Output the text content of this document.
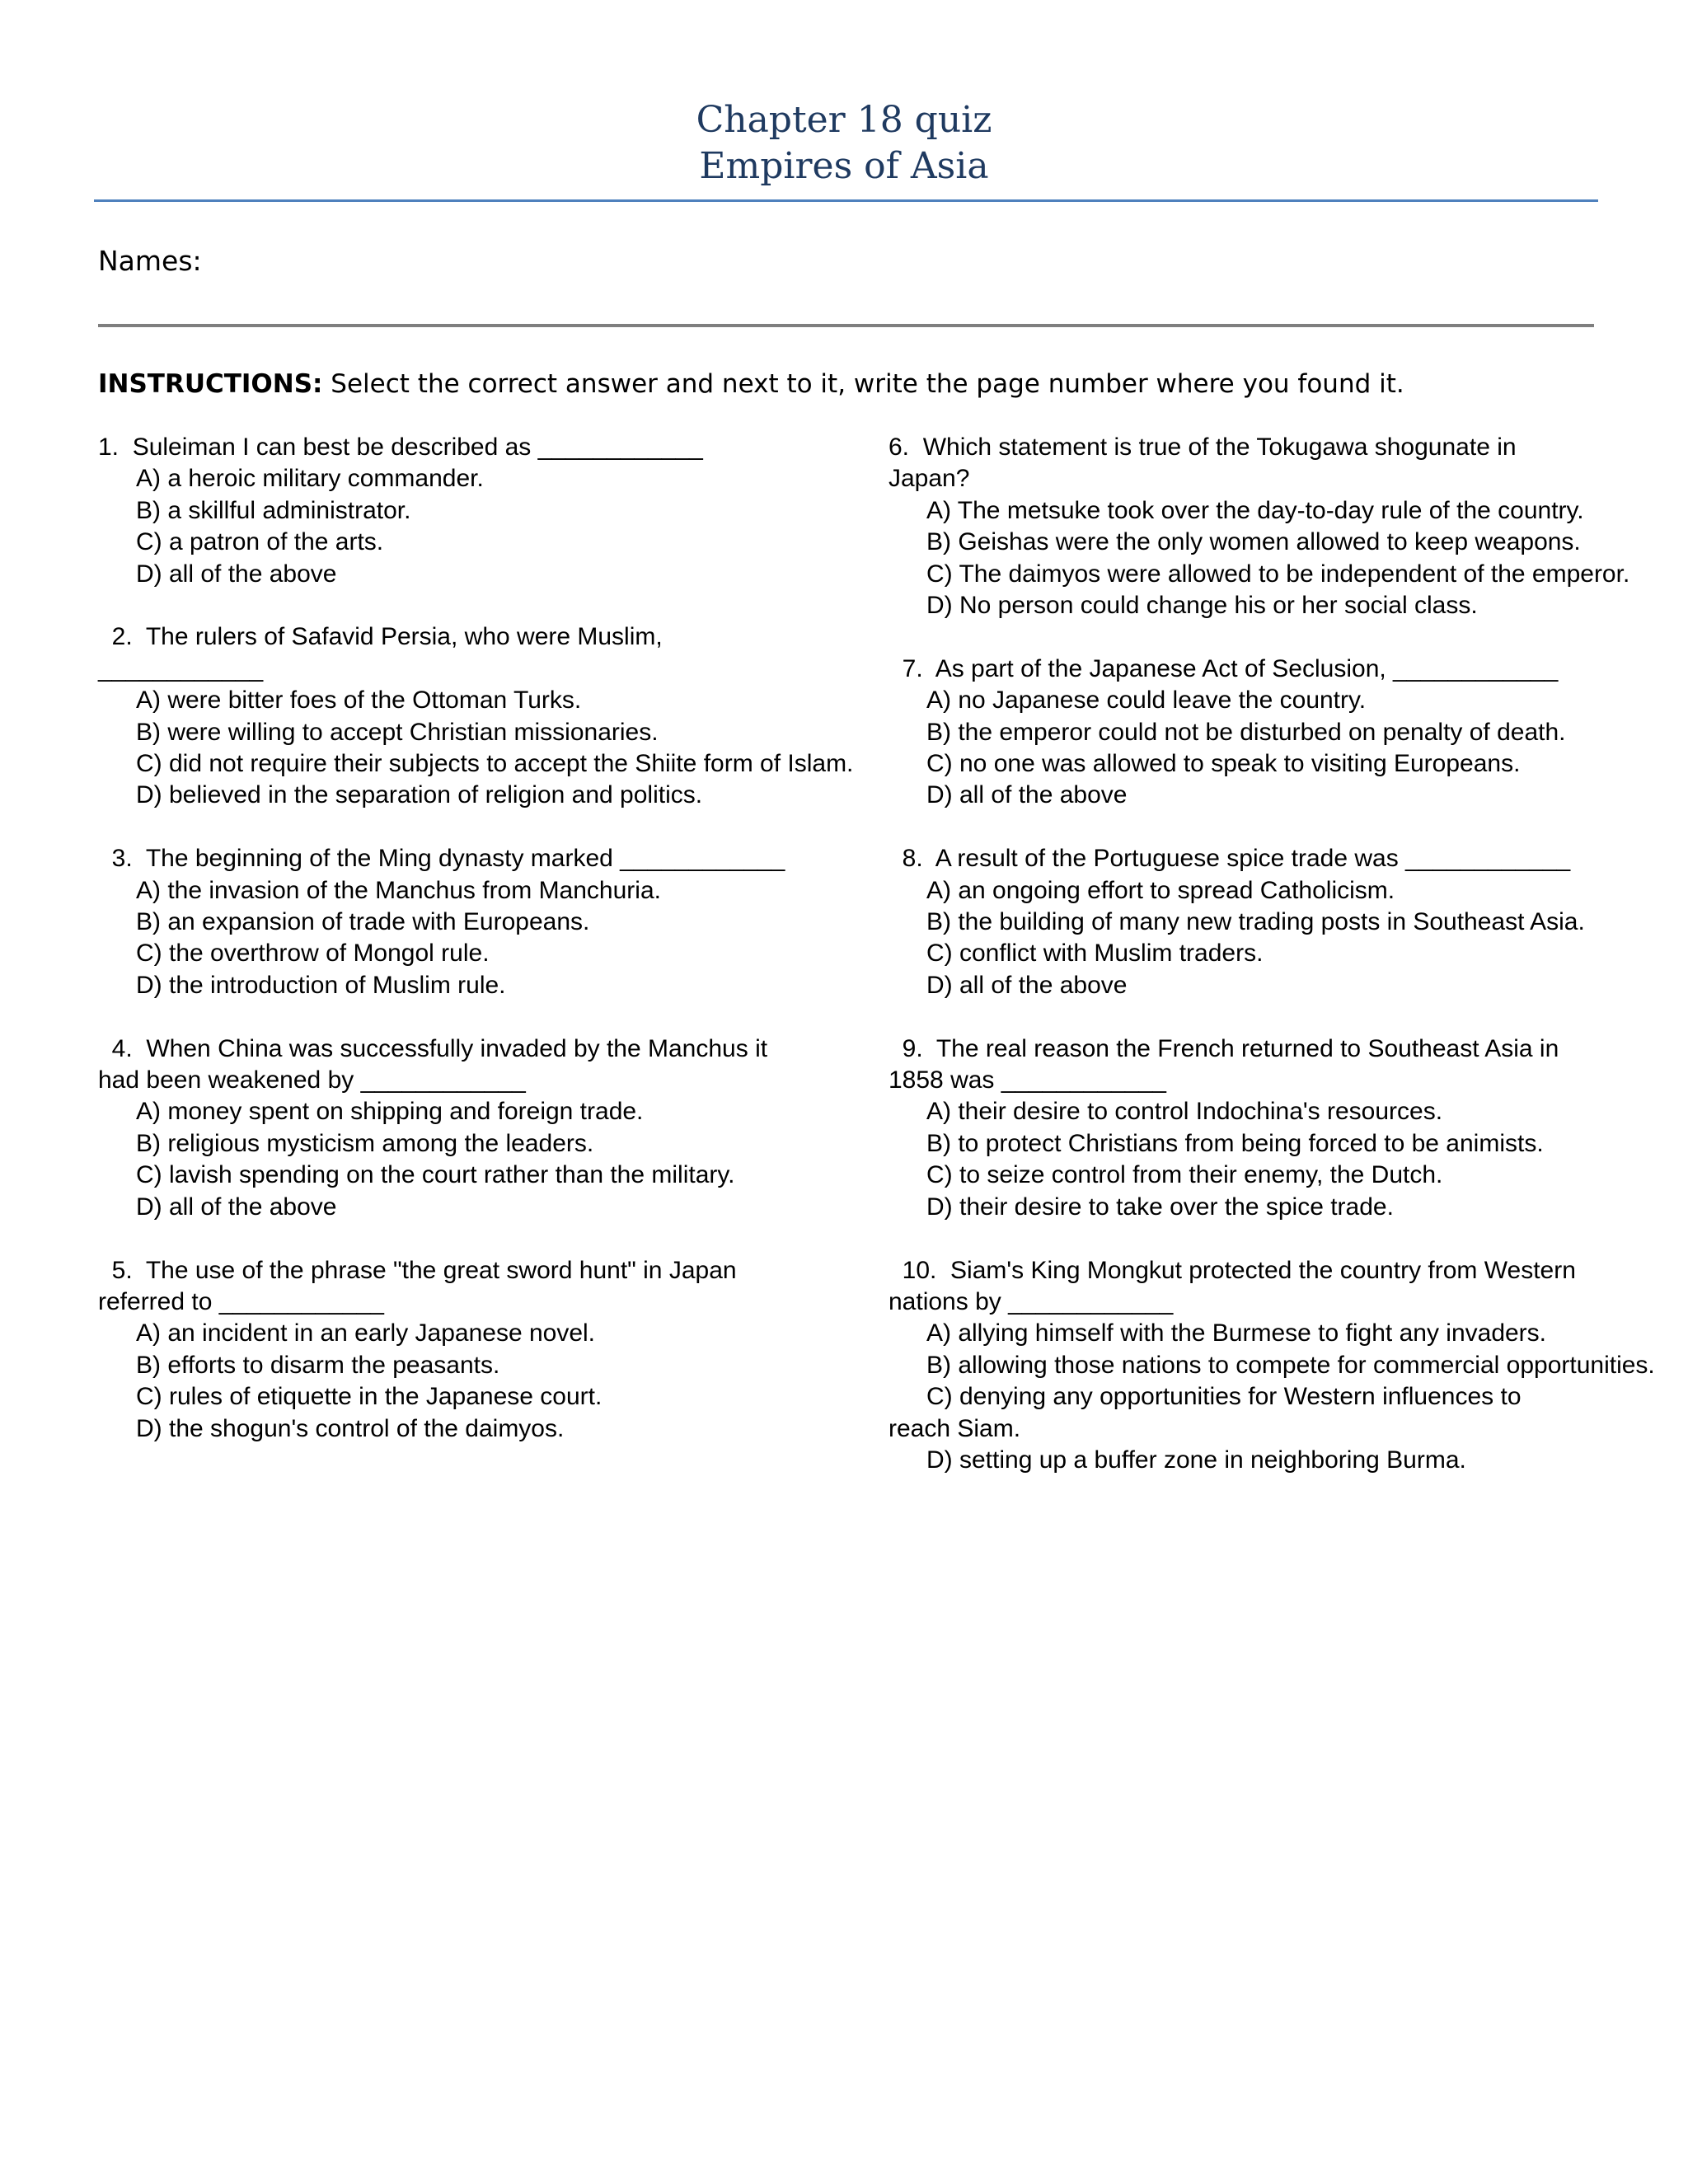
Chapter 18 quiz
Empires of Asia
Names:
INSTRUCTIONS: Select the correct answer and next to it, write the page number where you found it.
1.  Suleiman I can best be described as ____________
A) a heroic military commander.
B) a skillful administrator.
C) a patron of the arts.
D) all of the above
2.  The rulers of Safavid Persia, who were Muslim, ____________
A) were bitter foes of the Ottoman Turks.
B) were willing to accept Christian missionaries.
C) did not require their subjects to accept the Shiite form of Islam.
D) believed in the separation of religion and politics.
3.  The beginning of the Ming dynasty marked ____________
A) the invasion of the Manchus from Manchuria.
B) an expansion of trade with Europeans.
C) the overthrow of Mongol rule.
D) the introduction of Muslim rule.
4.  When China was successfully invaded by the Manchus it had been weakened by ____________
A) money spent on shipping and foreign trade.
B) religious mysticism among the leaders.
C) lavish spending on the court rather than the military.
D) all of the above
5.  The use of the phrase "the great sword hunt" in Japan referred to ____________
A) an incident in an early Japanese novel.
B) efforts to disarm the peasants.
C) rules of etiquette in the Japanese court.
D) the shogun's control of the daimyos.
6.  Which statement is true of the Tokugawa shogunate in Japan?
A) The metsuke took over the day-to-day rule of the country.
B) Geishas were the only women allowed to keep weapons.
C) The daimyos were allowed to be independent of the emperor.
D) No person could change his or her social class.
7.  As part of the Japanese Act of Seclusion, ____________
A) no Japanese could leave the country.
B) the emperor could not be disturbed on penalty of death.
C) no one was allowed to speak to visiting Europeans.
D) all of the above
8.  A result of the Portuguese spice trade was ____________
A) an ongoing effort to spread Catholicism.
B) the building of many new trading posts in Southeast Asia.
C) conflict with Muslim traders.
D) all of the above
9.  The real reason the French returned to Southeast Asia in 1858 was ____________
A) their desire to control Indochina's resources.
B) to protect Christians from being forced to be animists.
C) to seize control from their enemy, the Dutch.
D) their desire to take over the spice trade.
10.  Siam's King Mongkut protected the country from Western nations by ____________
A) allying himself with the Burmese to fight any invaders.
B) allowing those nations to compete for commercial opportunities.
C) denying any opportunities for Western influences to reach Siam.
D) setting up a buffer zone in neighboring Burma.
